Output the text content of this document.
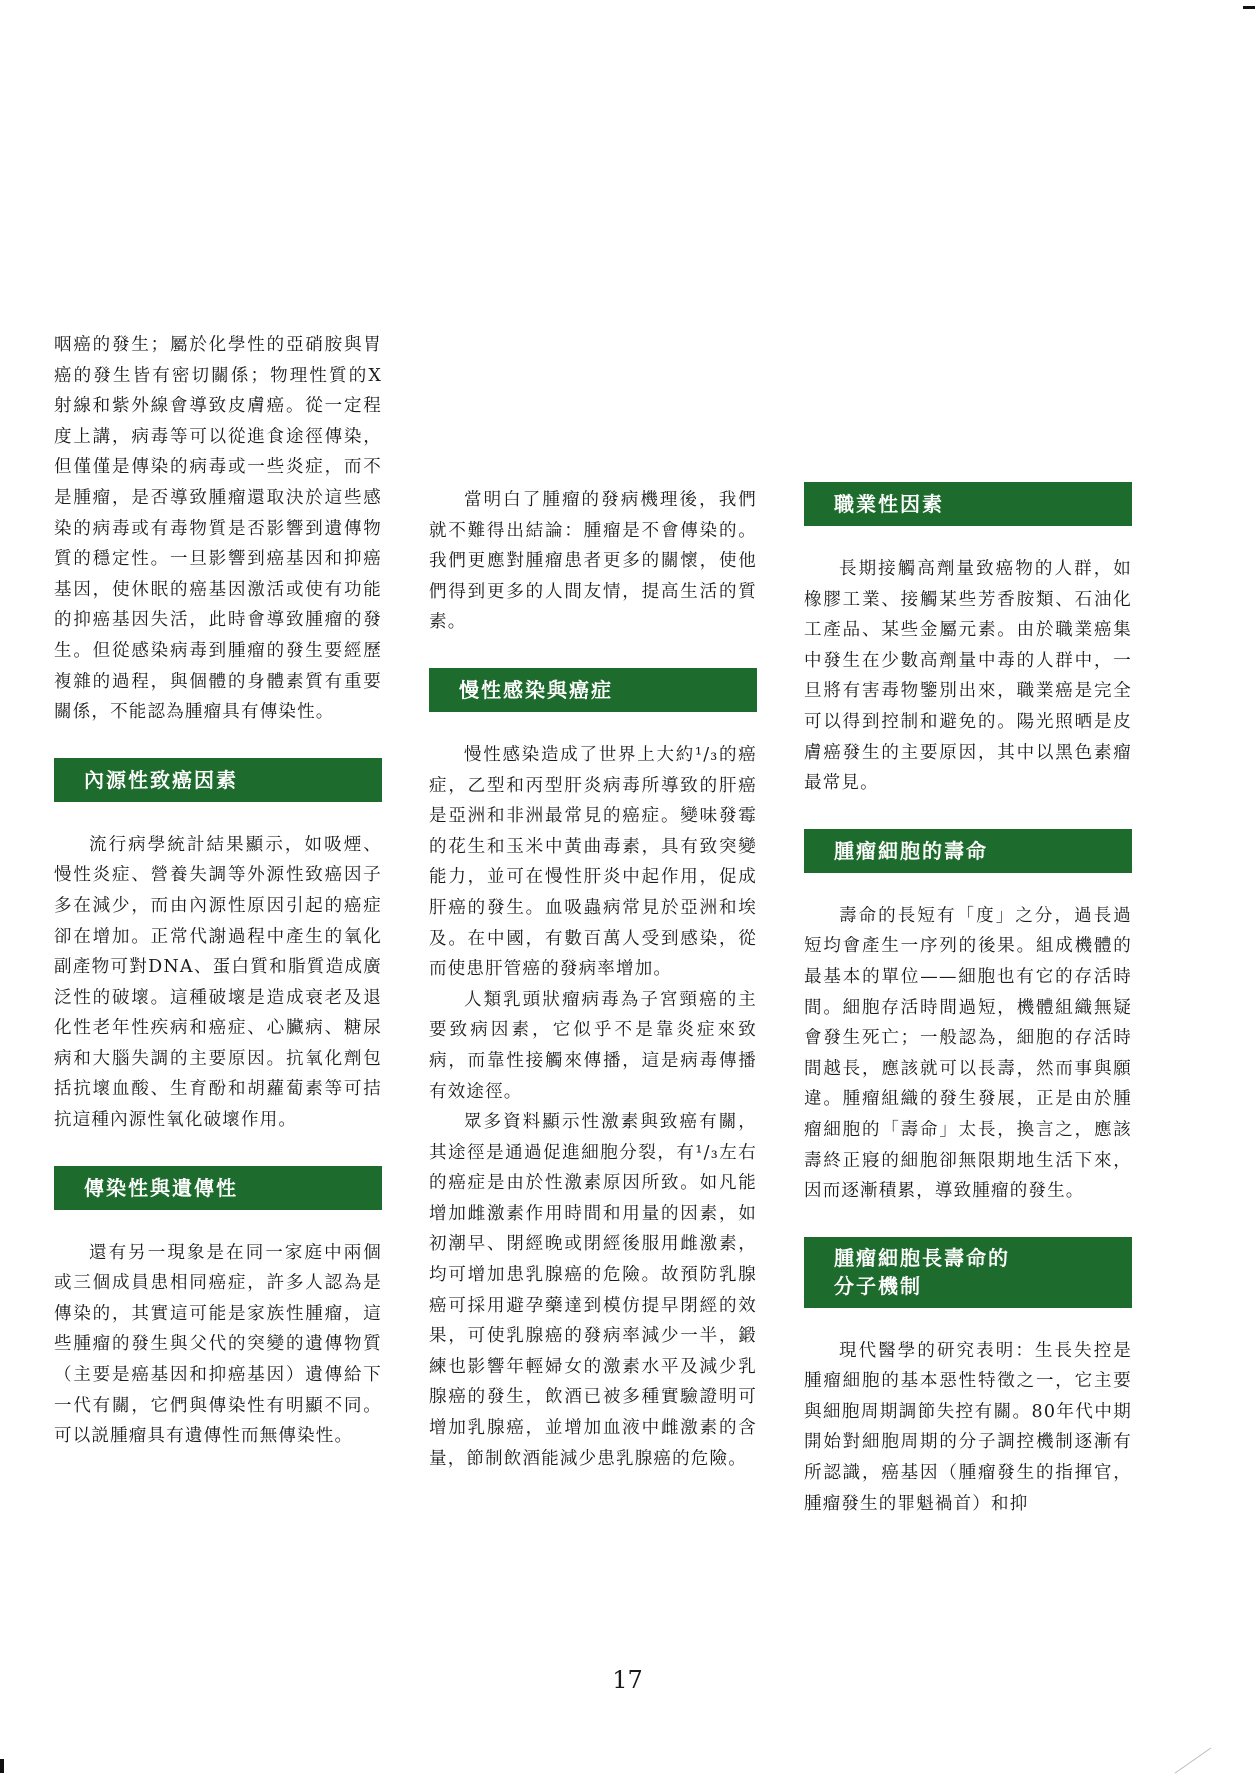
咽癌的發生；屬於化學性的亞硝胺與胃癌的發生皆有密切關係；物理性質的X射線和紫外線會導致皮膚癌。從一定程度上講，病毒等可以從進食途徑傳染，但僅僅是傳染的病毒或一些炎症，而不是腫瘤，是否導致腫瘤還取決於這些感染的病毒或有毒物質是否影響到遺傳物質的穩定性。一旦影響到癌基因和抑癌基因，使休眠的癌基因激活或使有功能的抑癌基因失活，此時會導致腫瘤的發生。但從感染病毒到腫瘤的發生要經歷複雜的過程，與個體的身體素質有重要關係，不能認為腫瘤具有傳染性。

內源性致癌因素

流行病學統計結果顯示，如吸煙、慢性炎症、營養失調等外源性致癌因子多在減少，而由內源性原因引起的癌症卻在增加。正常代謝過程中產生的氧化副產物可對DNA、蛋白質和脂質造成廣泛性的破壞。這種破壞是造成衰老及退化性老年性疾病和癌症、心臟病、糖尿病和大腦失調的主要原因。抗氧化劑包括抗壞血酸、生育酚和胡蘿蔔素等可拮抗這種內源性氧化破壞作用。

傳染性與遺傳性

還有另一現象是在同一家庭中兩個或三個成員患相同癌症，許多人認為是傳染的，其實這可能是家族性腫瘤，這些腫瘤的發生與父代的突變的遺傳物質（主要是癌基因和抑癌基因）遺傳給下一代有關，它們與傳染性有明顯不同。可以説腫瘤具有遺傳性而無傳染性。

當明白了腫瘤的發病機理後，我們就不難得出結論：腫瘤是不會傳染的。我們更應對腫瘤患者更多的關懷，使他們得到更多的人間友情，提高生活的質素。

慢性感染與癌症

慢性感染造成了世界上大約¹/₃的癌症，乙型和丙型肝炎病毒所導致的肝癌是亞洲和非洲最常見的癌症。變味發霉的花生和玉米中黃曲毒素，具有致突變能力，並可在慢性肝炎中起作用，促成肝癌的發生。血吸蟲病常見於亞洲和埃及。在中國，有數百萬人受到感染，從而使患肝管癌的發病率增加。

人類乳頭狀瘤病毒為子宮頸癌的主要致病因素，它似乎不是靠炎症來致病，而靠性接觸來傳播，這是病毒傳播有效途徑。

眾多資料顯示性激素與致癌有關，其途徑是通過促進細胞分裂，有¹/₃左右的癌症是由於性激素原因所致。如凡能增加雌激素作用時間和用量的因素，如初潮早、閉經晚或閉經後服用雌激素，均可增加患乳腺癌的危險。故預防乳腺癌可採用避孕藥達到模仿提早閉經的效果，可使乳腺癌的發病率減少一半，鍛練也影響年輕婦女的激素水平及減少乳腺癌的發生，飲酒已被多種實驗證明可增加乳腺癌，並增加血液中雌激素的含量，節制飲酒能減少患乳腺癌的危險。

職業性因素

長期接觸高劑量致癌物的人群，如橡膠工業、接觸某些芳香胺類、石油化工產品、某些金屬元素。由於職業癌集中發生在少數高劑量中毒的人群中，一旦將有害毒物鑒別出來，職業癌是完全可以得到控制和避免的。陽光照晒是皮膚癌發生的主要原因，其中以黑色素瘤最常見。

腫瘤細胞的壽命

壽命的長短有「度」之分，過長過短均會產生一序列的後果。組成機體的最基本的單位——細胞也有它的存活時間。細胞存活時間過短，機體組織無疑會發生死亡；一般認為，細胞的存活時間越長，應該就可以長壽，然而事與願違。腫瘤組織的發生發展，正是由於腫瘤細胞的「壽命」太長，換言之，應該壽終正寢的細胞卻無限期地生活下來，因而逐漸積累，導致腫瘤的發生。

腫瘤細胞長壽命的
分子機制

現代醫學的研究表明：生長失控是腫瘤細胞的基本惡性特徵之一，它主要與細胞周期調節失控有關。80年代中期開始對細胞周期的分子調控機制逐漸有所認識，癌基因（腫瘤發生的指揮官，腫瘤發生的罪魁禍首）和抑

17
